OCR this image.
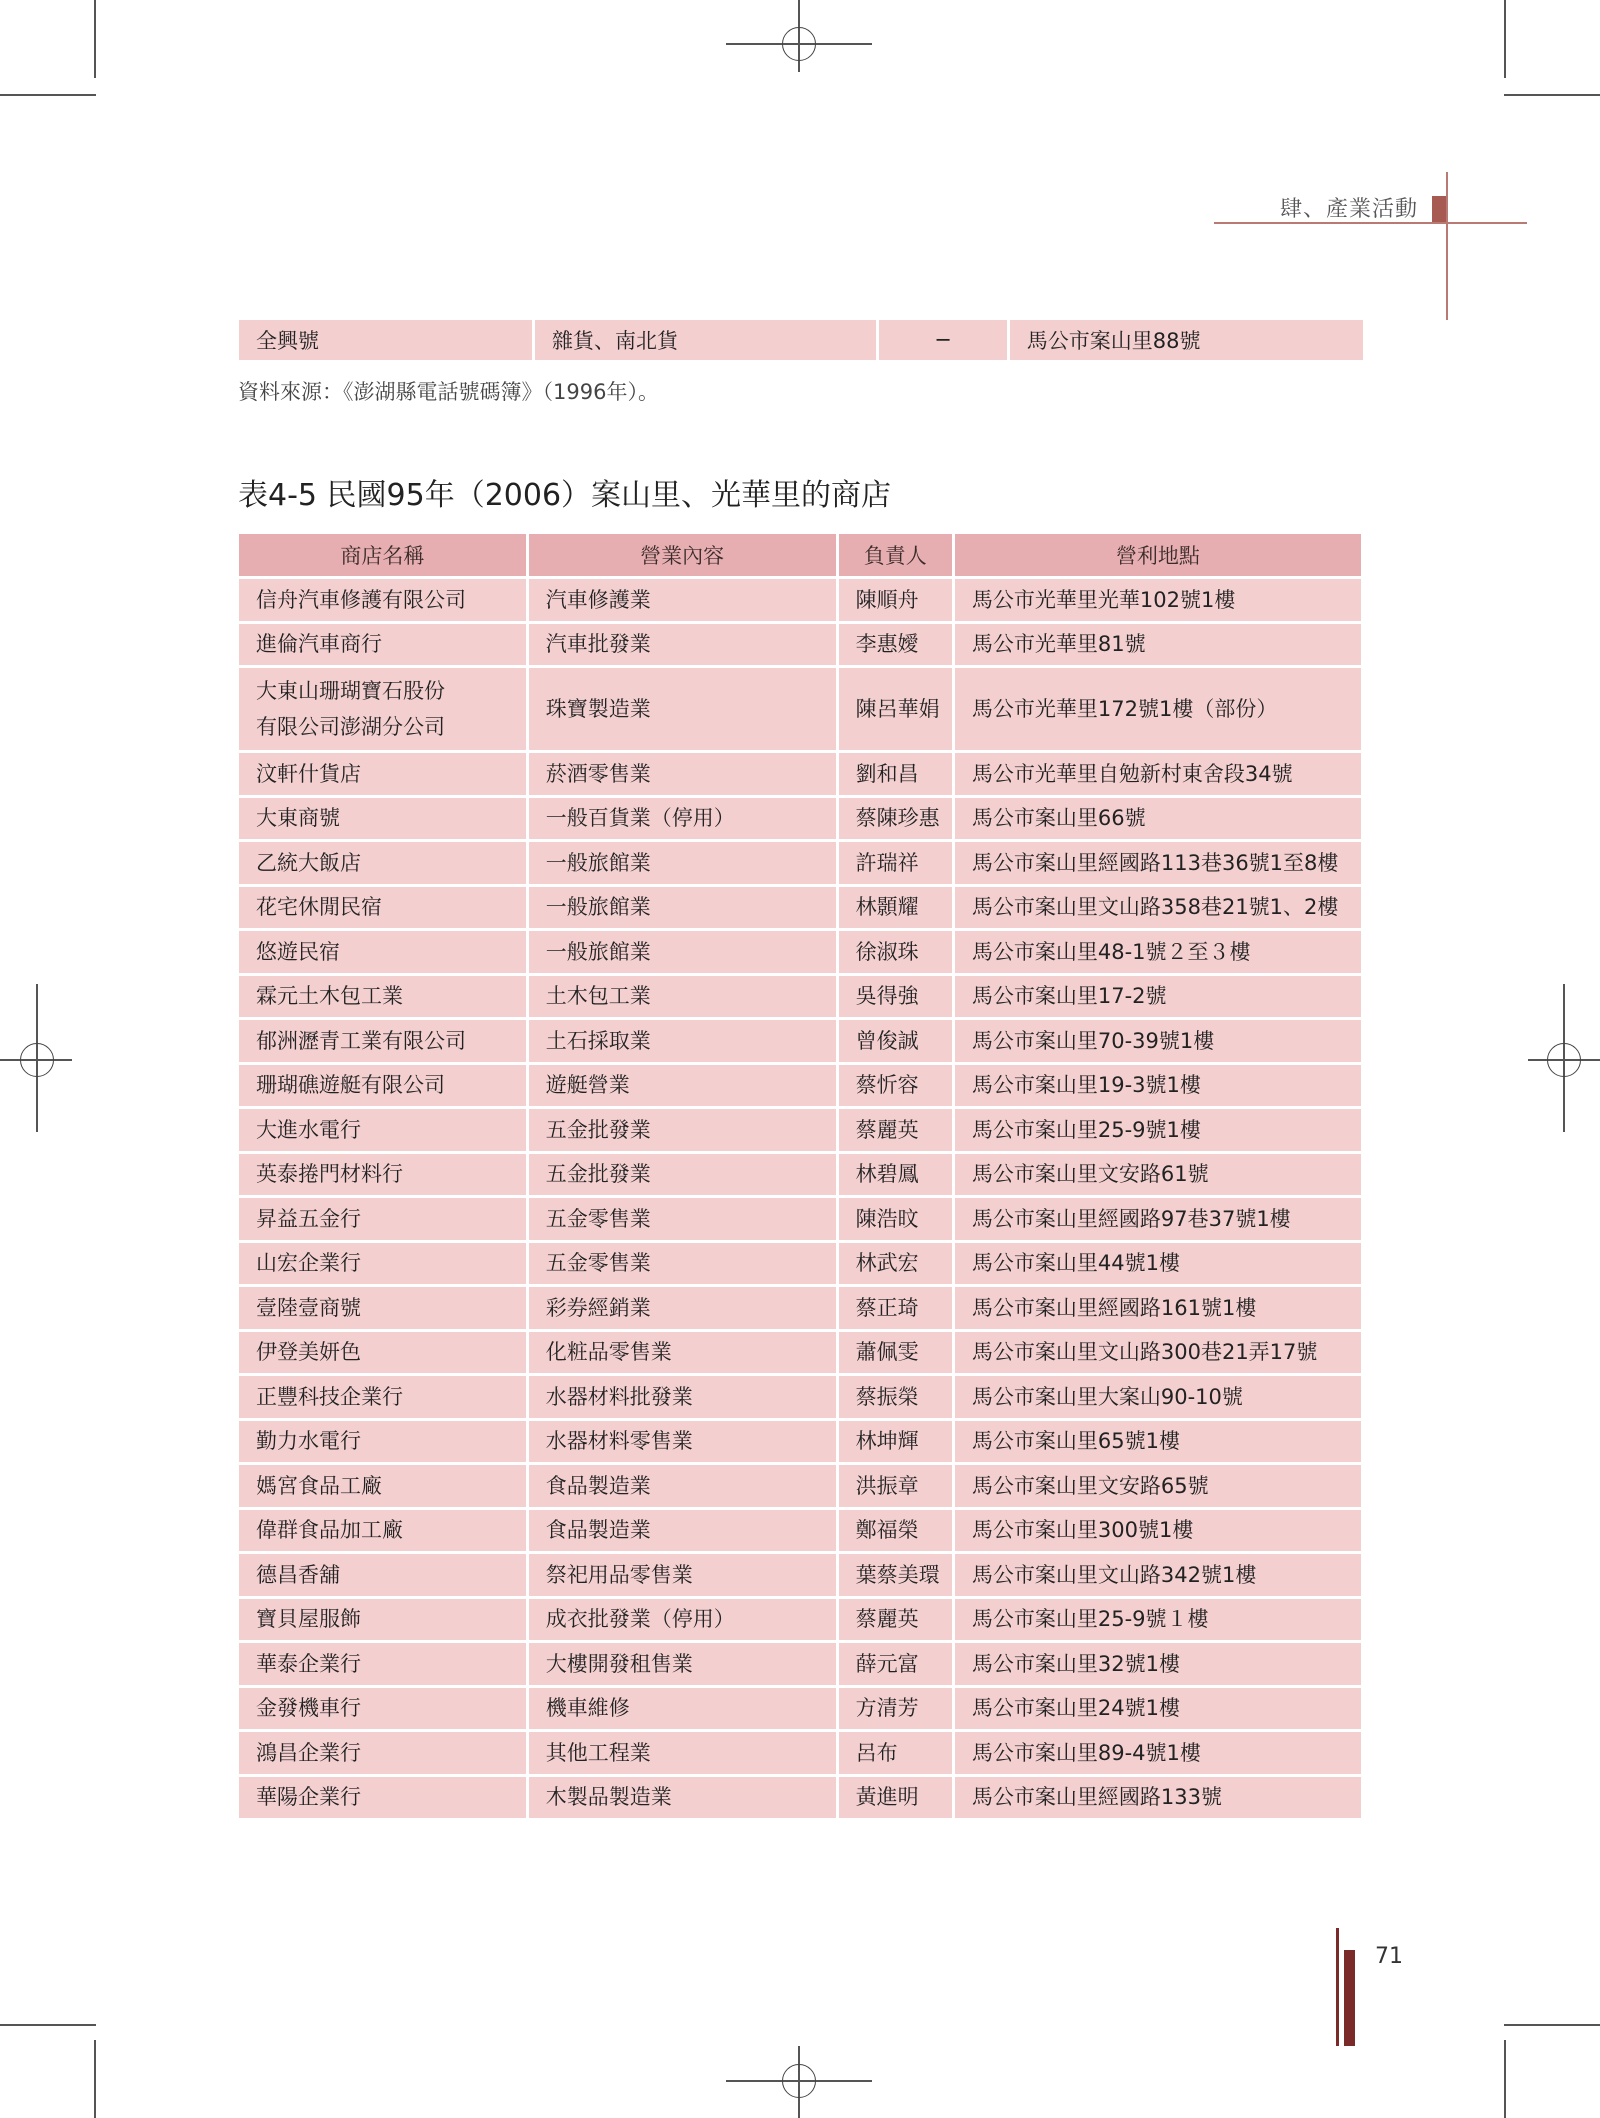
肆、產業活動
全興號	雜貨、南北貨	─	馬公市案山里88號
資料來源：《澎湖縣電話號碼簿》（1996年）。
表4-5 民國95年（2006）案山里、光華里的商店
商店名稱	營業內容	負責人	營利地點
信舟汽車修護有限公司	汽車修護業	陳順舟	馬公市光華里光華102號1樓
進倫汽車商行	汽車批發業	李惠嬡	馬公市光華里81號
大東山珊瑚寶石股份
有限公司澎湖分公司	珠寶製造業	陳呂華娟	馬公市光華里172號1樓（部份）
汶軒什貨店	菸酒零售業	劉和昌	馬公市光華里自勉新村東舍段34號
大東商號	一般百貨業（停用）	蔡陳珍惠	馬公市案山里66號
乙統大飯店	一般旅館業	許瑞祥	馬公市案山里經國路113巷36號1至8樓
花宅休閒民宿	一般旅館業	林顥耀	馬公市案山里文山路358巷21號1、2樓
悠遊民宿	一般旅館業	徐淑珠	馬公市案山里48-1號２至３樓
霖元土木包工業	土木包工業	吳得強	馬公市案山里17-2號
郁洲瀝青工業有限公司	土石採取業	曾俊誠	馬公市案山里70-39號1樓
珊瑚礁遊艇有限公司	遊艇營業	蔡忻容	馬公市案山里19-3號1樓
大進水電行	五金批發業	蔡麗英	馬公市案山里25-9號1樓
英泰捲門材料行	五金批發業	林碧鳳	馬公市案山里文安路61號
昇益五金行	五金零售業	陳浩旼	馬公市案山里經國路97巷37號1樓
山宏企業行	五金零售業	林武宏	馬公市案山里44號1樓
壹陸壹商號	彩券經銷業	蔡正琦	馬公市案山里經國路161號1樓
伊登美妍色	化粧品零售業	蕭佩雯	馬公市案山里文山路300巷21弄17號
正豐科技企業行	水器材料批發業	蔡振榮	馬公市案山里大案山90-10號
勤力水電行	水器材料零售業	林坤輝	馬公市案山里65號1樓
媽宮食品工廠	食品製造業	洪振章	馬公市案山里文安路65號
偉群食品加工廠	食品製造業	鄭福榮	馬公市案山里300號1樓
德昌香舖	祭祀用品零售業	葉蔡美環	馬公市案山里文山路342號1樓
寶貝屋服飾	成衣批發業（停用）	蔡麗英	馬公市案山里25-9號１樓
華泰企業行	大樓開發租售業	薛元富	馬公市案山里32號1樓
金發機車行	機車維修	方清芳	馬公市案山里24號1樓
鴻昌企業行	其他工程業	呂布	馬公市案山里89-4號1樓
華陽企業行	木製品製造業	黃進明	馬公市案山里經國路133號
71
